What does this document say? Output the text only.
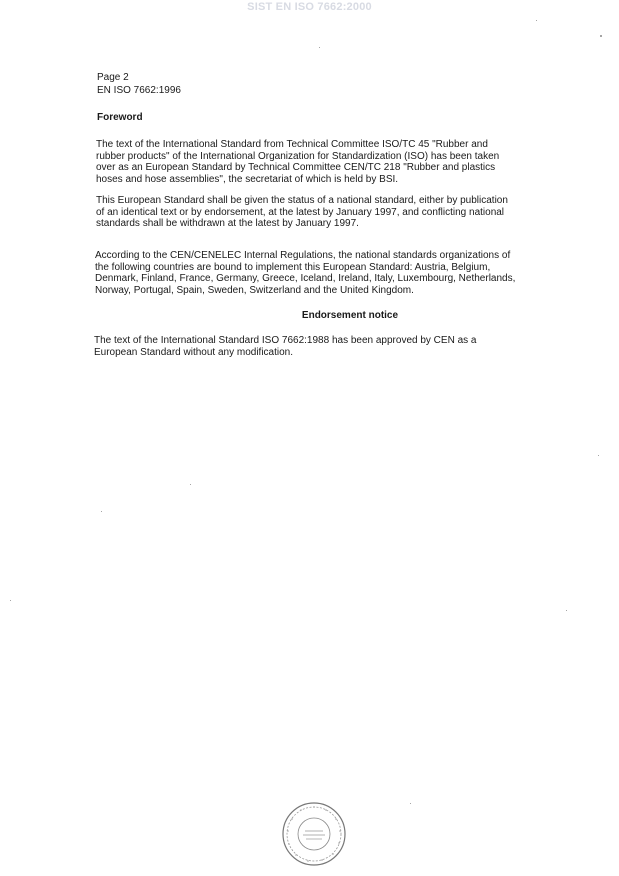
SIST EN ISO 7662:2000
Page 2
EN ISO 7662:1996
Foreword
The text of the International Standard from Technical Committee ISO/TC 45 "Rubber and
rubber products" of the International Organization for Standardization (ISO) has been taken
over as an European Standard by Technical Committee CEN/TC 218 "Rubber and plastics
hoses and hose assemblies", the secretariat of which is held by BSI.
This European Standard shall be given the status of a national standard, either by publication
of an identical text or by endorsement, at the latest by January 1997, and conflicting national
standards shall be withdrawn at the latest by January 1997.
According to the CEN/CENELEC Internal Regulations, the national standards organizations of
the following countries are bound to implement this European Standard: Austria, Belgium,
Denmark, Finland, France, Germany, Greece, Iceland, Ireland, Italy, Luxembourg, Netherlands,
Norway, Portugal, Spain, Sweden, Switzerland and the United Kingdom.
Endorsement notice
The text of the International Standard ISO 7662:1988 has been approved by CEN as a
European Standard without any modification.
